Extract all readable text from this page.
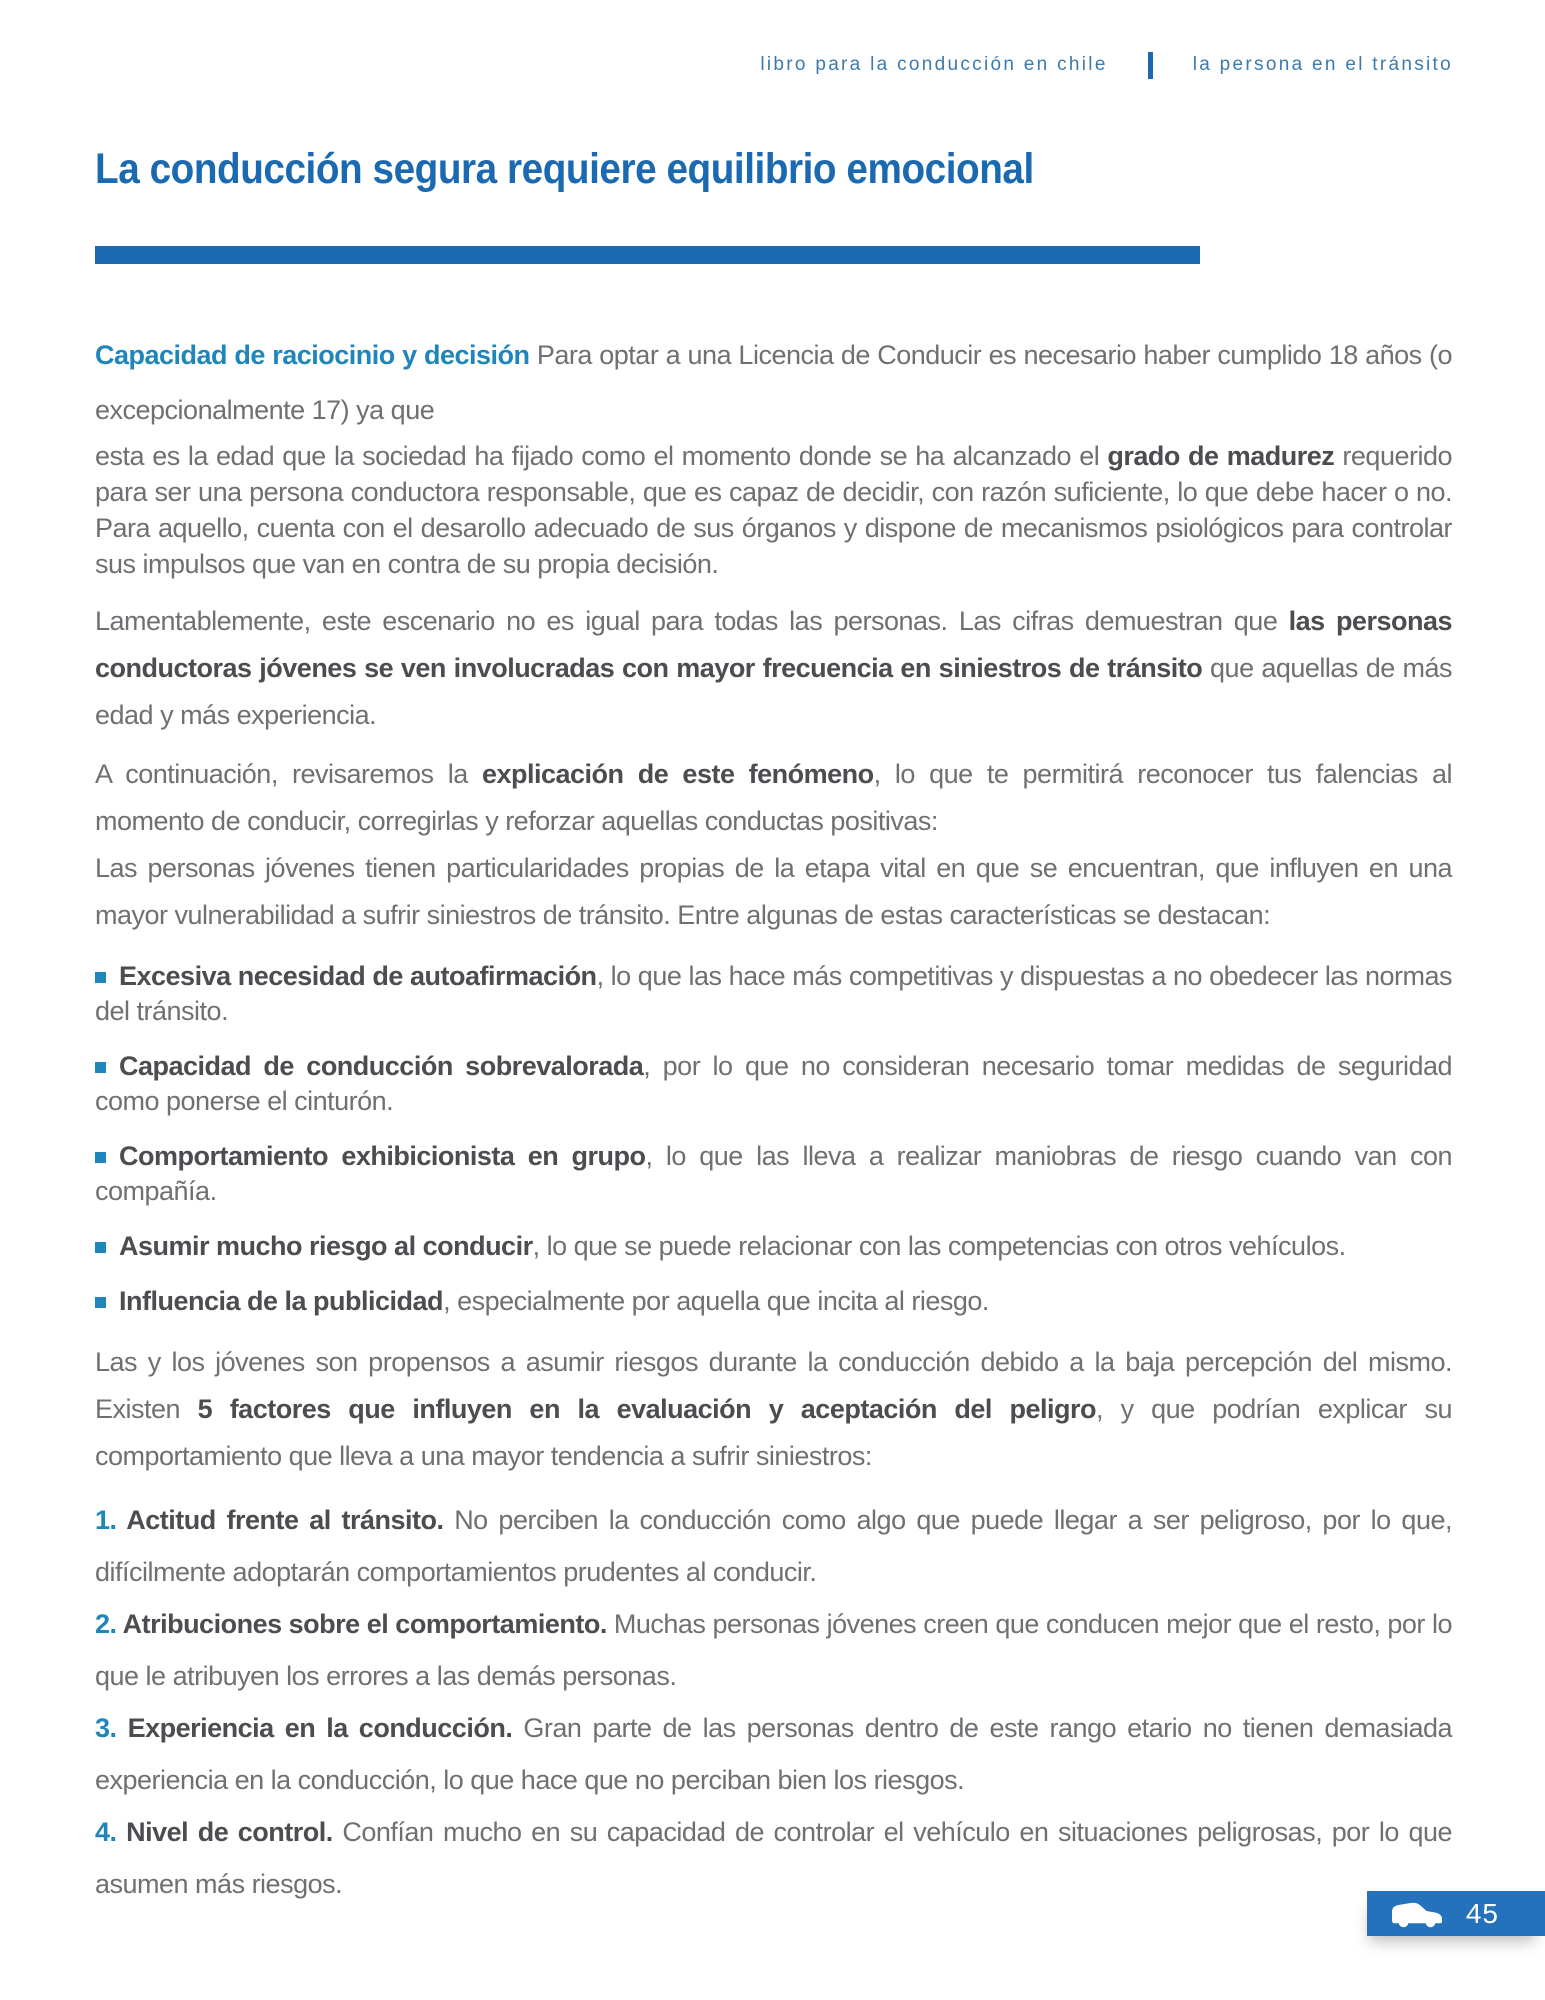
libro para la conducción en chile	la persona en el tránsito
La conducción segura requiere equilibrio emocional

Capacidad de raciocinio y decisión Para optar a una Licencia de Conducir es necesario haber cumplido 18 años (o excepcionalmente 17) ya que

esta es la edad que la sociedad ha fijado como el momento donde se ha alcanzado el grado de madurez requerido para ser una persona conductora responsable, que es capaz de decidir, con razón suficiente, lo que debe hacer o no. Para aquello, cuenta con el desarollo adecuado de sus órganos y dispone de mecanismos psiológicos para controlar sus impulsos que van en contra de su propia decisión.

Lamentablemente, este escenario no es igual para todas las personas. Las cifras demuestran que las personas conductoras jóvenes se ven involucradas con mayor frecuencia en siniestros de tránsito que aquellas de más edad y más experiencia.

A continuación, revisaremos la explicación de este fenómeno, lo que te permitirá reconocer tus falencias al momento de conducir, corregirlas y reforzar aquellas conductas positivas:
Las personas jóvenes tienen particularidades propias de la etapa vital en que se encuentran, que influyen en una mayor vulnerabilidad a sufrir siniestros de tránsito. Entre algunas de estas características se destacan:

Excesiva necesidad de autoafirmación, lo que las hace más competitivas y dispuestas a no obedecer las normas del tránsito.

Capacidad de conducción sobrevalorada, por lo que no consideran necesario tomar medidas de seguridad como ponerse el cinturón.

Comportamiento exhibicionista en grupo, lo que las lleva a realizar maniobras de riesgo cuando van con compañía.

Asumir mucho riesgo al conducir, lo que se puede relacionar con las competencias con otros vehículos.

Influencia de la publicidad, especialmente por aquella que incita al riesgo.

Las y los jóvenes son propensos a asumir riesgos durante la conducción debido a la baja percepción del mismo. Existen 5 factores que influyen en la evaluación y aceptación del peligro, y que podrían explicar su comportamiento que lleva a una mayor tendencia a sufrir siniestros:

1. Actitud frente al tránsito. No perciben la conducción como algo que puede llegar a ser peligroso, por lo que, difícilmente adoptarán comportamientos prudentes al conducir.

2. Atribuciones sobre el comportamiento. Muchas personas jóvenes creen que conducen mejor que el resto, por lo que le atribuyen los errores a las demás personas.

3. Experiencia en la conducción. Gran parte de las personas dentro de este rango etario no tienen demasiada experiencia en la conducción, lo que hace que no perciban bien los riesgos.

4. Nivel de control. Confían mucho en su capacidad de controlar el vehículo en situaciones peligrosas, por lo que asumen más riesgos.

45
